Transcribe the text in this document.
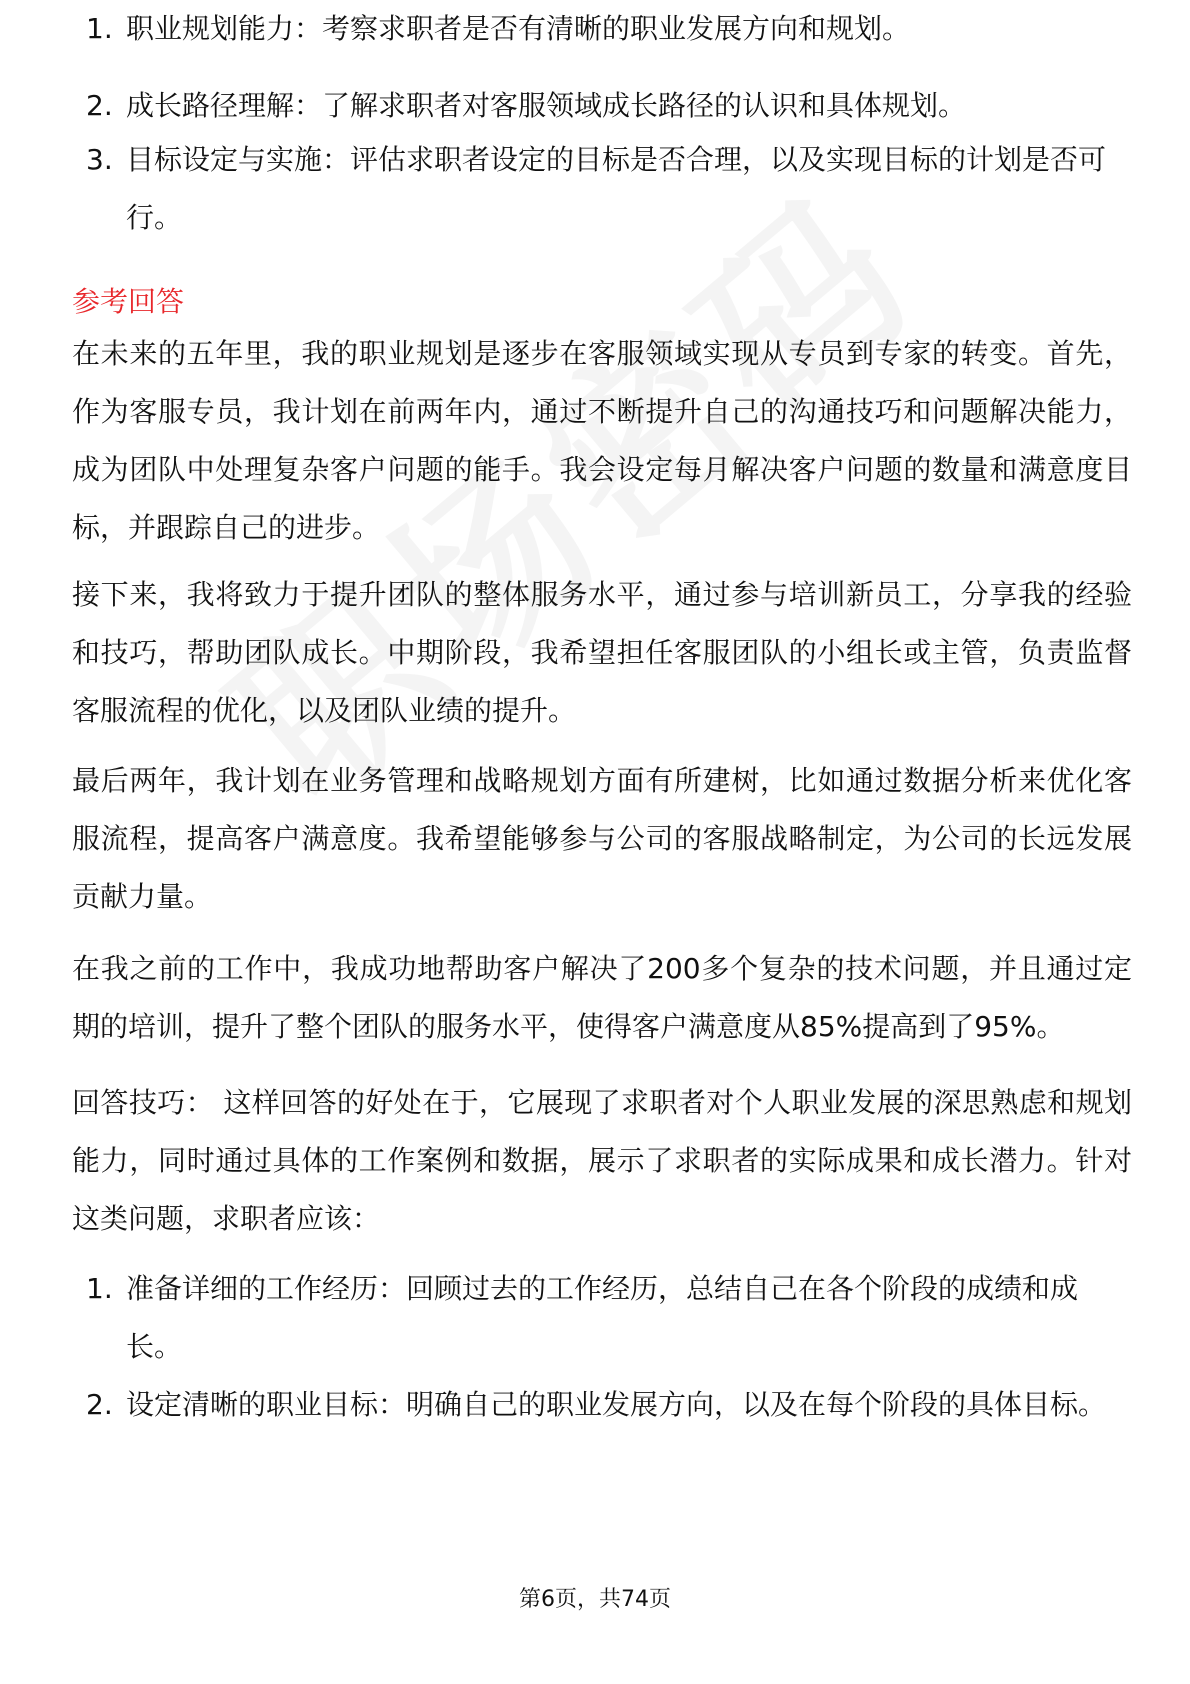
1. 职业规划能力：考察求职者是否有清晰的职业发展方向和规划。
2. 成长路径理解：了解求职者对客服领域成长路径的认识和具体规划。
3. 目标设定与实施：评估求职者设定的目标是否合理，以及实现目标的计划是否可行。
参考回答

在未来的五年里，我的职业规划是逐步在客服领域实现从专员到专家的转变。首先，作为客服专员，我计划在前两年内，通过不断提升自己的沟通技巧和问题解决能力，成为团队中处理复杂客户问题的能手。我会设定每月解决客户问题的数量和满意度目标，并跟踪自己的进步。

接下来，我将致力于提升团队的整体服务水平，通过参与培训新员工，分享我的经验和技巧，帮助团队成长。中期阶段，我希望担任客服团队的小组长或主管，负责监督客服流程的优化，以及团队业绩的提升。

最后两年，我计划在业务管理和战略规划方面有所建树，比如通过数据分析来优化客服流程，提高客户满意度。我希望能够参与公司的客服战略制定，为公司的长远发展贡献力量。

在我之前的工作中，我成功地帮助客户解决了200多个复杂的技术问题，并且通过定期的培训，提升了整个团队的服务水平，使得客户满意度从85%提高到了95%。

回答技巧： 这样回答的好处在于，它展现了求职者对个人职业发展的深思熟虑和规划能力，同时通过具体的工作案例和数据，展示了求职者的实际成果和成长潜力。针对这类问题，求职者应该：

1. 准备详细的工作经历：回顾过去的工作经历，总结自己在各个阶段的成绩和成长。
2. 设定清晰的职业目标：明确自己的职业发展方向，以及在每个阶段的具体目标。
第6页，共74页
